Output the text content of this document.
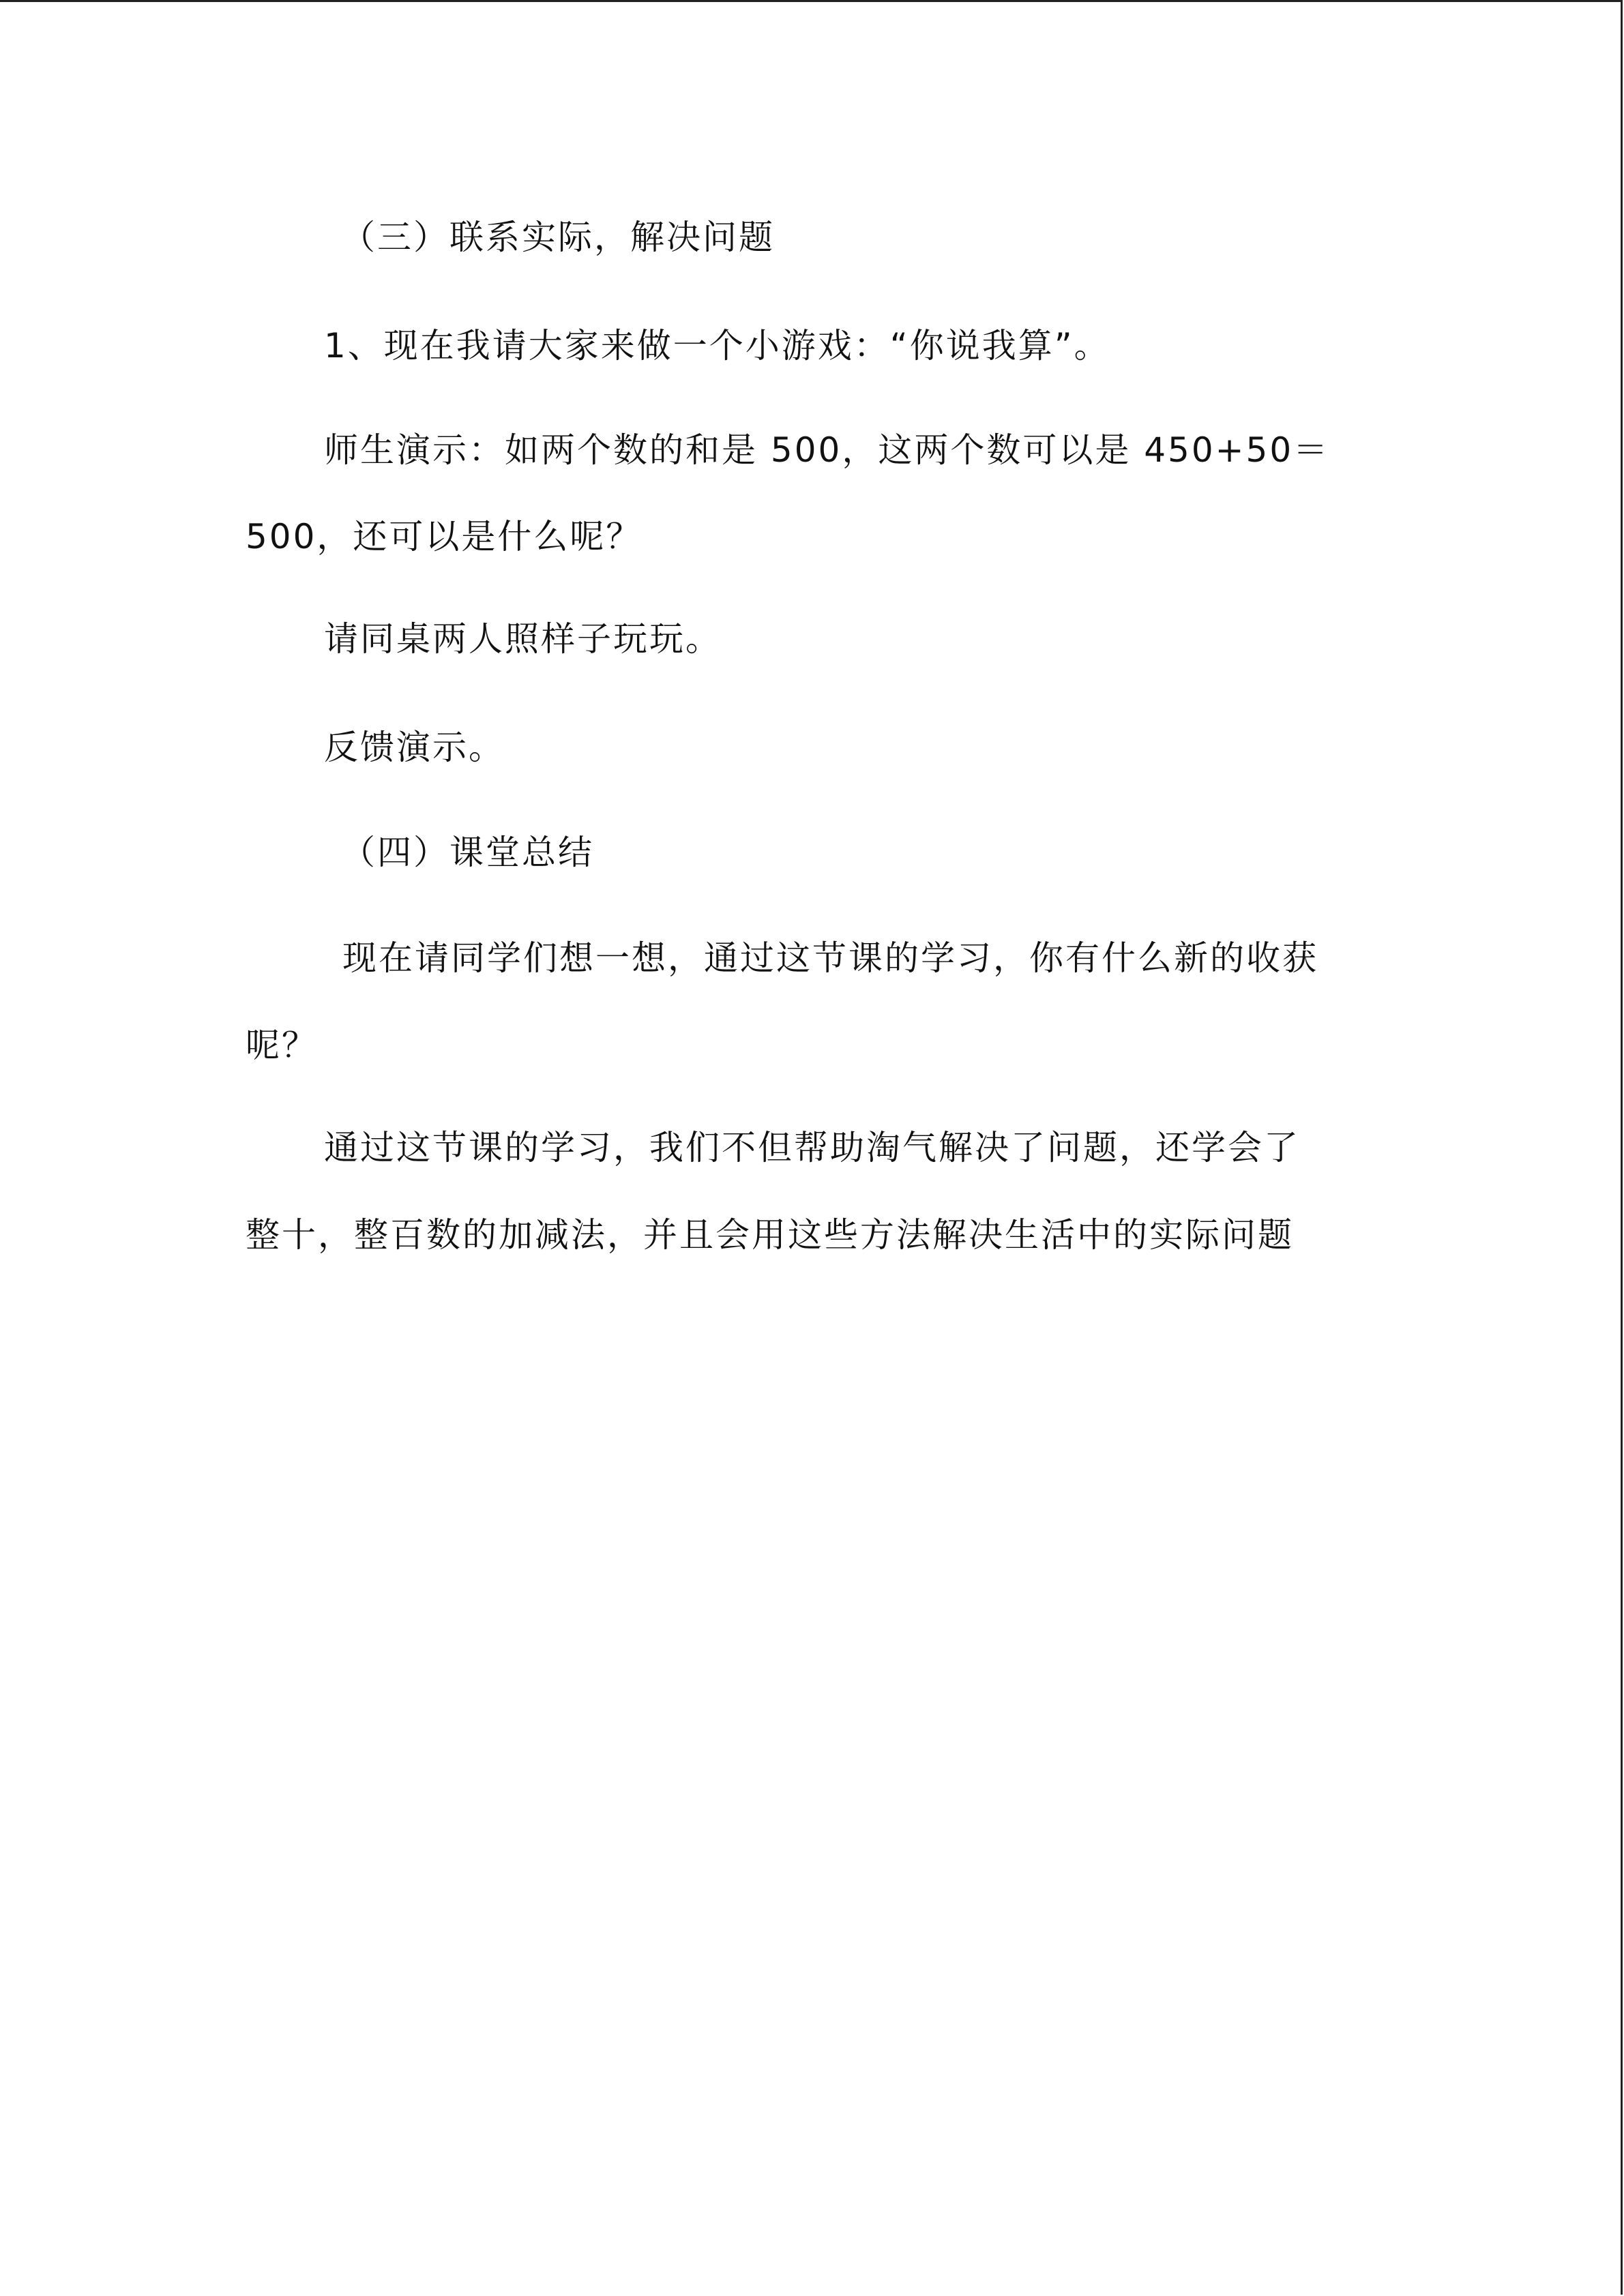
（三）联系实际，解决问题
1、现在我请大家来做一个小游戏：“你说我算”。
师生演示：如两个数的和是 500，这两个数可以是 450+50＝
500，还可以是什么呢？
请同桌两人照样子玩玩。
反馈演示。
（四）课堂总结
现在请同学们想一想，通过这节课的学习，你有什么新的收获
呢？
通过这节课的学习，我们不但帮助淘气解决了问题，还学会了
整十，整百数的加减法，并且会用这些方法解决生活中的实际问题
